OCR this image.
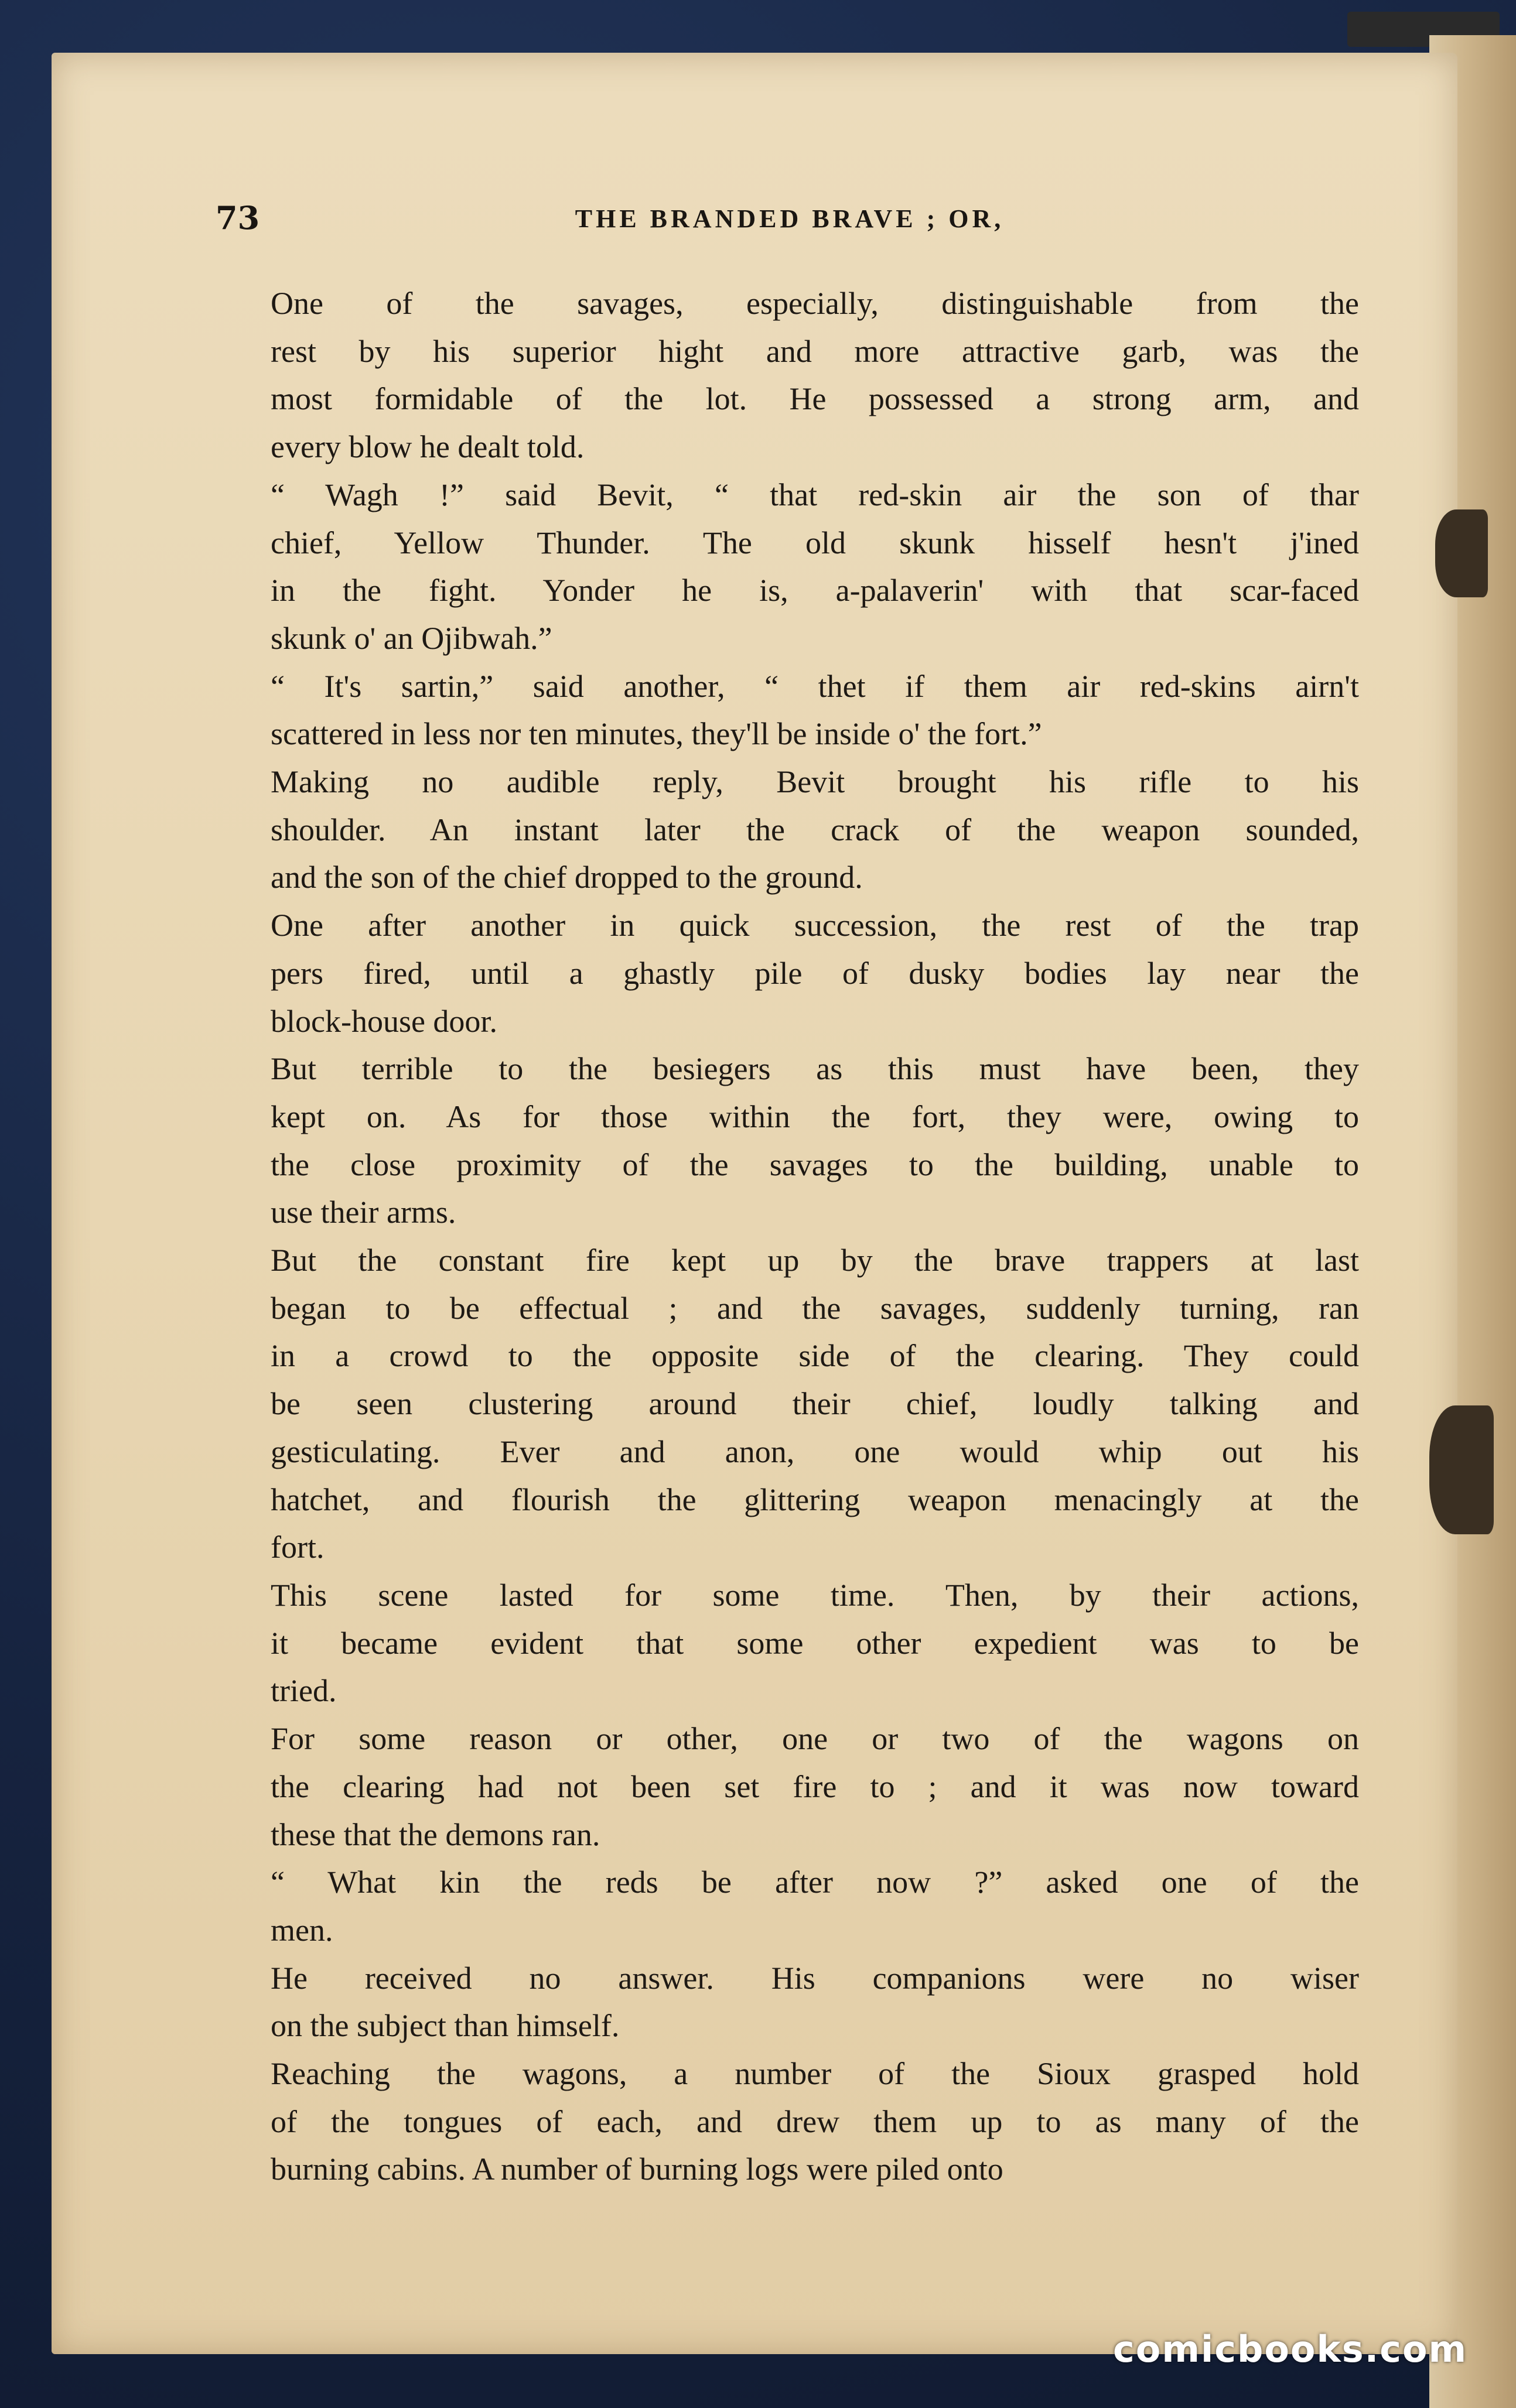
73	THE BRANDED BRAVE ; OR,
One of the savages, especially, distinguishable from the
rest by his superior hight and more attractive garb, was the
most formidable of the lot. He possessed a strong arm, and
every blow he dealt told.
“ Wagh !” said Bevit, “ that red-skin air the son of thar
chief, Yellow Thunder. The old skunk hisself hesn't j'ined
in the fight. Yonder he is, a-palaverin' with that scar-faced
skunk o' an Ojibwah.”
“ It's sartin,” said another, “ thet if them air red-skins airn't
scattered in less nor ten minutes, they'll be inside o' the fort.”
Making no audible reply, Bevit brought his rifle to his
shoulder. An instant later the crack of the weapon sounded,
and the son of the chief dropped to the ground.
One after another in quick succession, the rest of the trap
pers fired, until a ghastly pile of dusky bodies lay near the
block-house door.
But terrible to the besiegers as this must have been, they
kept on. As for those within the fort, they were, owing to
the close proximity of the savages to the building, unable to
use their arms.
But the constant fire kept up by the brave trappers at last
began to be effectual ; and the savages, suddenly turning, ran
in a crowd to the opposite side of the clearing. They could
be seen clustering around their chief, loudly talking and
gesticulating. Ever and anon, one would whip out his
hatchet, and flourish the glittering weapon menacingly at the
fort.
This scene lasted for some time. Then, by their actions,
it became evident that some other expedient was to be
tried.
For some reason or other, one or two of the wagons on
the clearing had not been set fire to ; and it was now toward
these that the demons ran.
“ What kin the reds be after now ?” asked one of the
men.
He received no answer. His companions were no wiser
on the subject than himself.
Reaching the wagons, a number of the Sioux grasped hold
of the tongues of each, and drew them up to as many of the
burning cabins. A number of burning logs were piled onto
comicbooks.com
